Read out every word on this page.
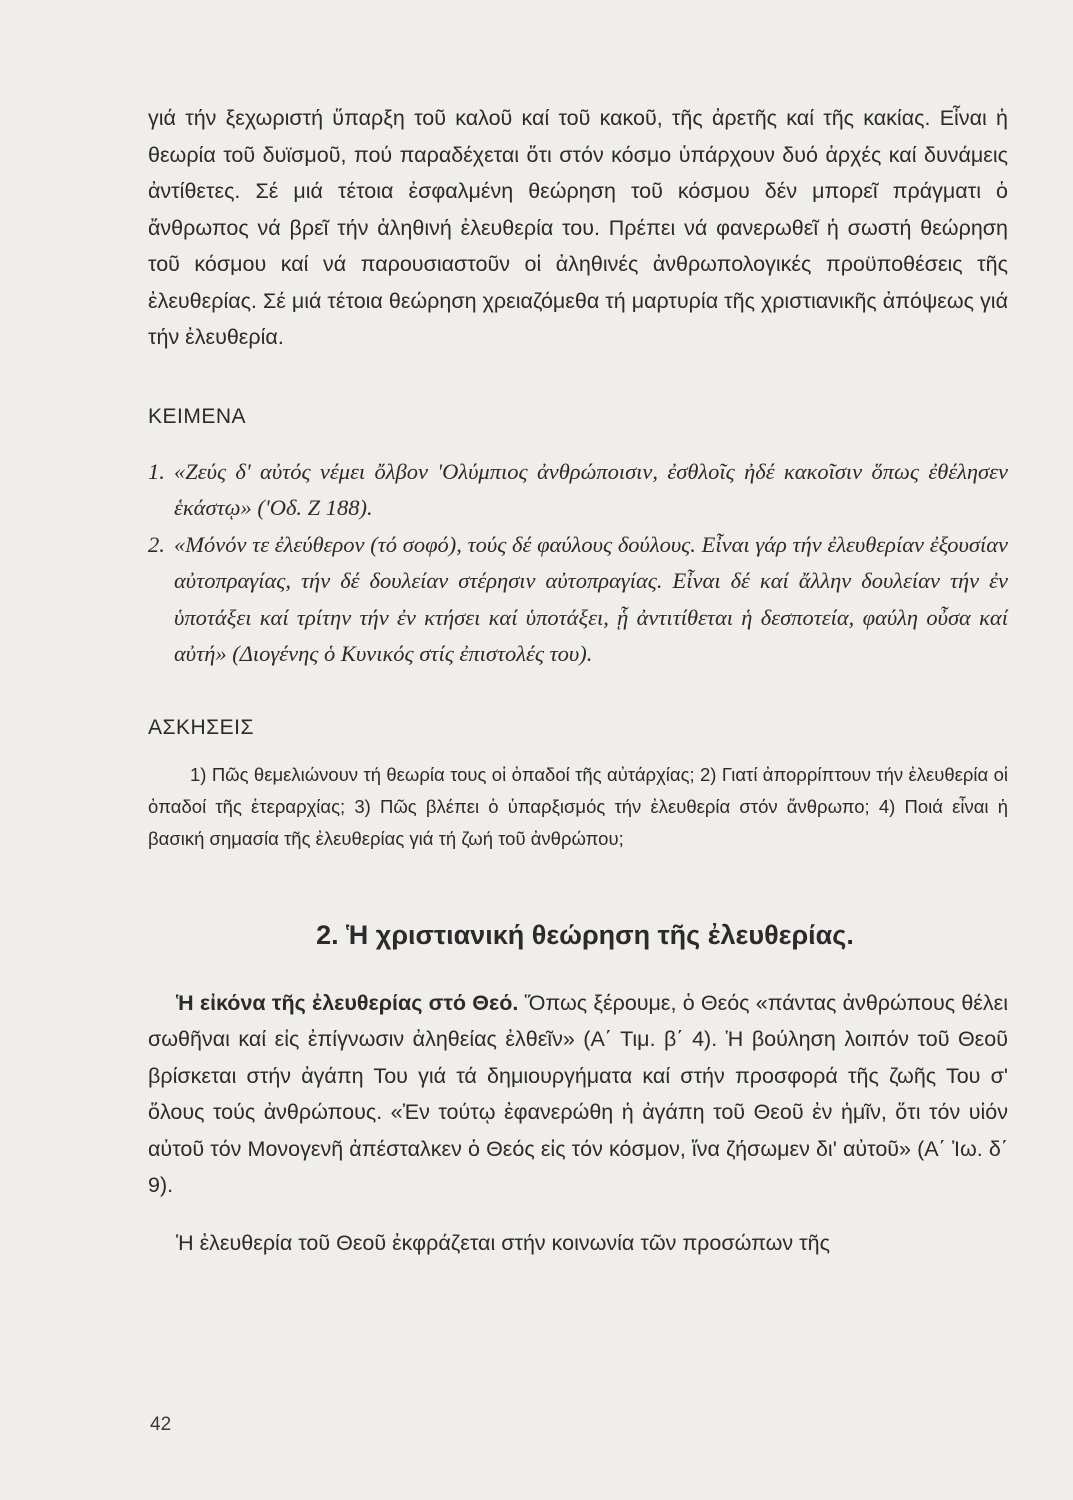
γιά τήν ξεχωριστή ὕπαρξη τοῦ καλοῦ καί τοῦ κακοῦ, τῆς ἀρετῆς καί τῆς κακίας. Εἶναι ἡ θεωρία τοῦ δυϊσμοῦ, πού παραδέχεται ὅτι στόν κόσμο ὑπάρχουν δυό ἀρχές καί δυνάμεις ἀντίθετες. Σέ μιά τέτοια ἐσφαλμένη θεώρηση τοῦ κόσμου δέν μπορεῖ πράγματι ὁ ἄνθρωπος νά βρεῖ τήν ἀληθινή ἐλευθερία του. Πρέπει νά φανερωθεῖ ἡ σωστή θεώρηση τοῦ κόσμου καί νά παρουσιαστοῦν οἱ ἀληθινές ἀνθρωπολογικές προϋποθέσεις τῆς ἐλευθερίας. Σέ μιά τέτοια θεώρηση χρειαζόμεθα τή μαρτυρία τῆς χριστιανικῆς ἀπόψεως γιά τήν ἐλευθερία.

ΚΕΙΜΕΝΑ
1. «Ζεύς δ' αὐτός νέμει ὄλβον 'Ολύμπιος ἀνθρώποισιν, ἐσθλοῖς ἠδέ κακοῖσιν ὅπως ἐθέλησεν ἑκάστῳ» ('Οδ. Ζ 188).
2. «Μόνόν τε ἐλεύθερον (τό σοφό), τούς δέ φαύλους δούλους. Εἶναι γάρ τήν ἐλευθερίαν ἐξουσίαν αὐτοπραγίας, τήν δέ δουλείαν στέρησιν αὐτοπραγίας. Εἶναι δέ καί ἄλλην δουλείαν τήν ἐν ὑποτάξει καί τρίτην τήν ἐν κτήσει καί ὑποτάξει, ᾗ ἀντιτίθεται ἡ δεσποτεία, φαύλη οὖσα καί αὐτή» (Διογένης ὁ Κυνικός στίς ἐπιστολές του).
ΑΣΚΗΣΕΙΣ

1) Πῶς θεμελιώνουν τή θεωρία τους οἱ ὀπαδοί τῆς αὐτάρχίας; 2) Γιατί ἀπορρίπτουν τήν ἐλευθερία οἱ ὀπαδοί τῆς ἑτεραρχίας; 3) Πῶς βλέπει ὁ ὑπαρξισμός τήν ἐλευθερία στόν ἄνθρωπο; 4) Ποιά εἶναι ἡ βασική σημασία τῆς ἐλευθερίας γιά τή ζωή τοῦ ἀνθρώπου;

2. Ἡ χριστιανική θεώρηση τῆς ἐλευθερίας.

Ἡ εἰκόνα τῆς ἐλευθερίας στό Θεό. Ὅπως ξέρουμε, ὁ Θεός «πάντας ἀνθρώπους θέλει σωθῆναι καί εἰς ἐπίγνωσιν ἀληθείας ἐλθεῖν» (Α΄ Τιμ. β΄ 4). Ἡ βούληση λοιπόν τοῦ Θεοῦ βρίσκεται στήν ἀγάπη Του γιά τά δημιουργήματα καί στήν προσφορά τῆς ζωῆς Του σ' ὅλους τούς ἀνθρώπους. «Ἐν τούτῳ ἐφανερώθη ἡ ἀγάπη τοῦ Θεοῦ ἐν ἡμῖν, ὅτι τόν υἱόν αὐτοῦ τόν Μονογενῆ ἀπέσταλκεν ὁ Θεός εἰς τόν κόσμον, ἵνα ζήσωμεν δι' αὐτοῦ» (Α΄ Ἰω. δ΄ 9).

Ἡ ἐλευθερία τοῦ Θεοῦ ἐκφράζεται στήν κοινωνία τῶν προσώπων τῆς

42
